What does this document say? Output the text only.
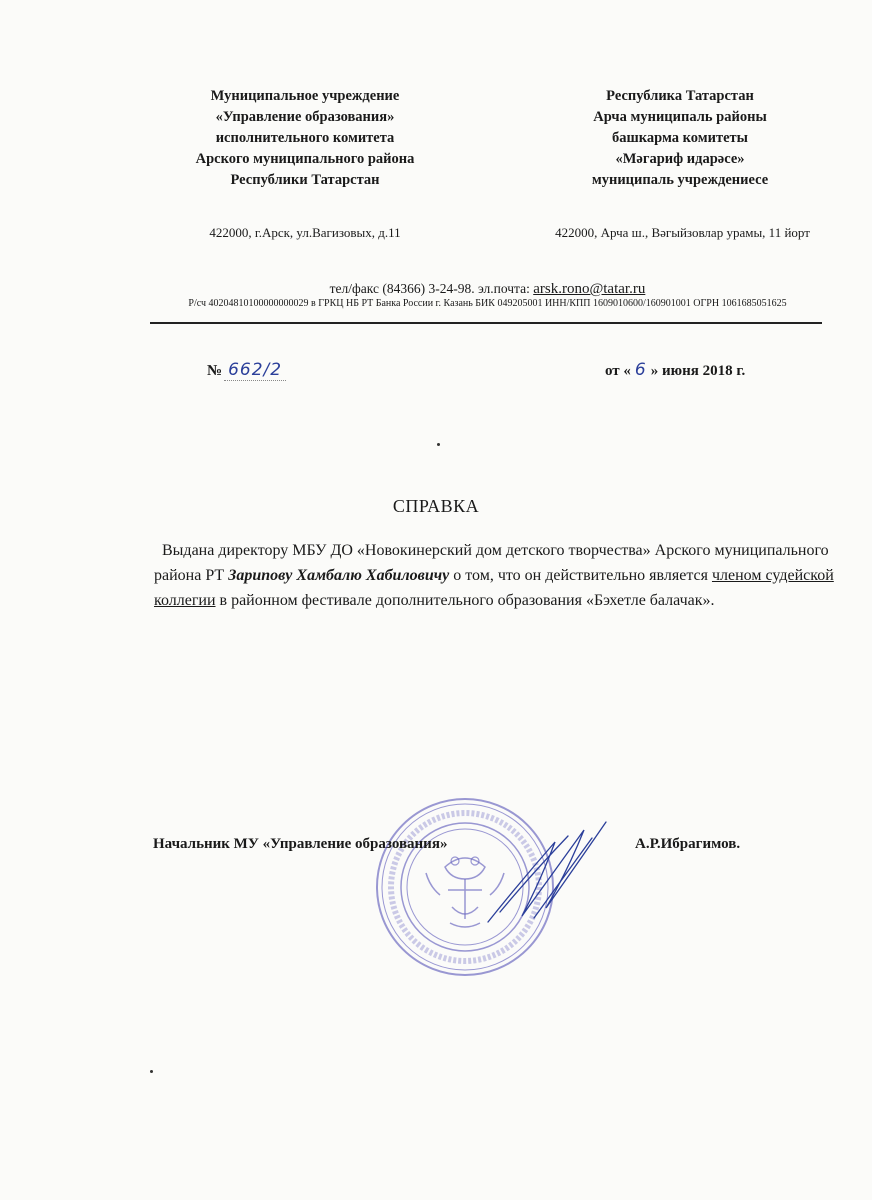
Муниципальное учреждение
«Управление образования»
исполнительного комитета
Арского муниципального района
Республики Татарстан
Республика Татарстан
Арча муниципаль районы
башкарма комитеты
«Мәгариф идарәсе»
муниципаль учреждениесе
422000, г.Арск, ул.Вагизовых, д.11	422000, Арча ш., Вәгыйзовлар урамы, 11 йорт
тел/факс (84366) 3-24-98. эл.почта: arsk.rono@tatar.ru
Р/сч 40204810100000000029 в ГРКЦ НБ РТ Банка России г. Казань БИК 049205001 ИНН/КПП 1609010600/160901001 ОГРН 1061685051625
№ 662/2	от « 6 » июня 2018 г.
СПРАВКА
Выдана директору МБУ ДО «Новокинерский дом детского творчества» Арского муниципального района РТ Зарипову Хамбалю Хабиловичу о том, что он действительно является членом судейской коллегии в районном фестивале дополнительного образования «Бэхетле балачак».
Начальник МУ «Управление образования»	А.Р.Ибрагимов.
